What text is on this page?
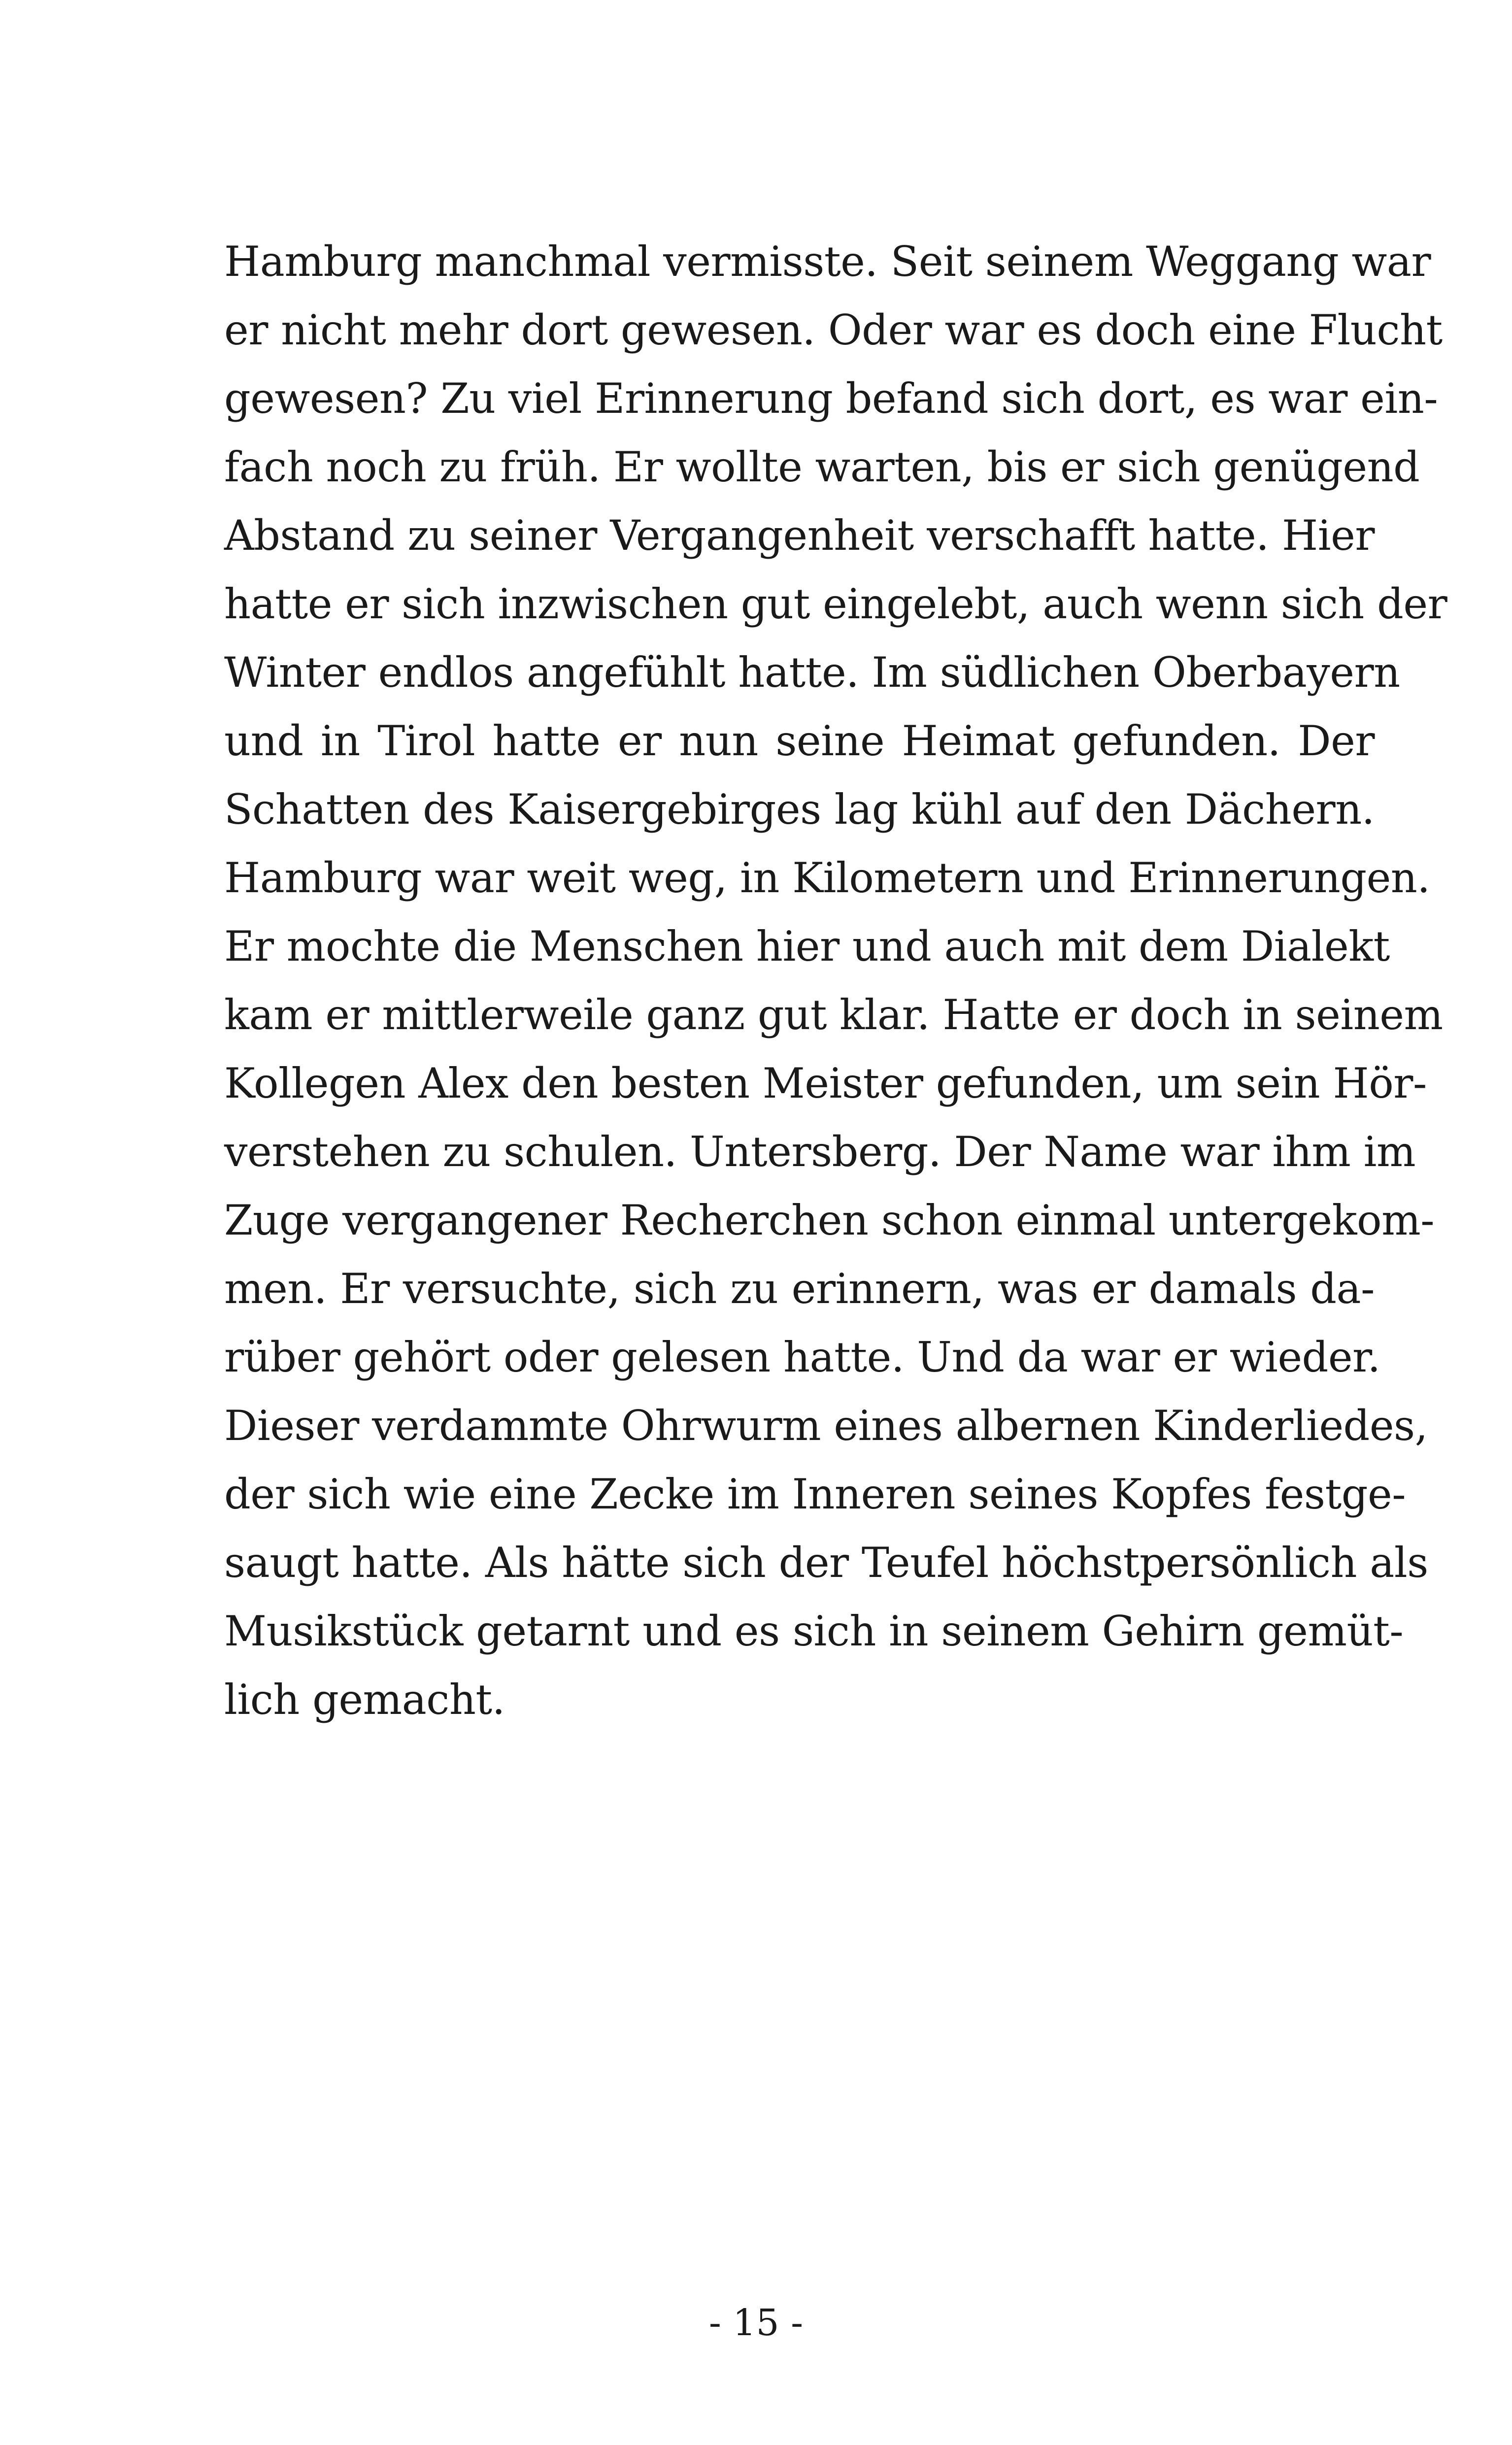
Hamburg manchmal vermisste. Seit seinem Weggang war
er nicht mehr dort gewesen. Oder war es doch eine Flucht
gewesen? Zu viel Erinnerung befand sich dort, es war ein-
fach noch zu früh. Er wollte warten, bis er sich genügend
Abstand zu seiner Vergangenheit verschafft hatte. Hier
hatte er sich inzwischen gut eingelebt, auch wenn sich der
Winter endlos angefühlt hatte. Im südlichen Oberbayern
und in Tirol hatte er nun seine Heimat gefunden. Der
Schatten des Kaisergebirges lag kühl auf den Dächern.
Hamburg war weit weg, in Kilometern und Erinnerungen.
Er mochte die Menschen hier und auch mit dem Dialekt
kam er mittlerweile ganz gut klar. Hatte er doch in seinem
Kollegen Alex den besten Meister gefunden, um sein Hör-
verstehen zu schulen. Untersberg. Der Name war ihm im
Zuge vergangener Recherchen schon einmal untergekom-
men. Er versuchte, sich zu erinnern, was er damals da-
rüber gehört oder gelesen hatte. Und da war er wieder.
Dieser verdammte Ohrwurm eines albernen Kinderliedes,
der sich wie eine Zecke im Inneren seines Kopfes festge-
saugt hatte. Als hätte sich der Teufel höchstpersönlich als
Musikstück getarnt und es sich in seinem Gehirn gemüt-
lich gemacht.
- 15 -
